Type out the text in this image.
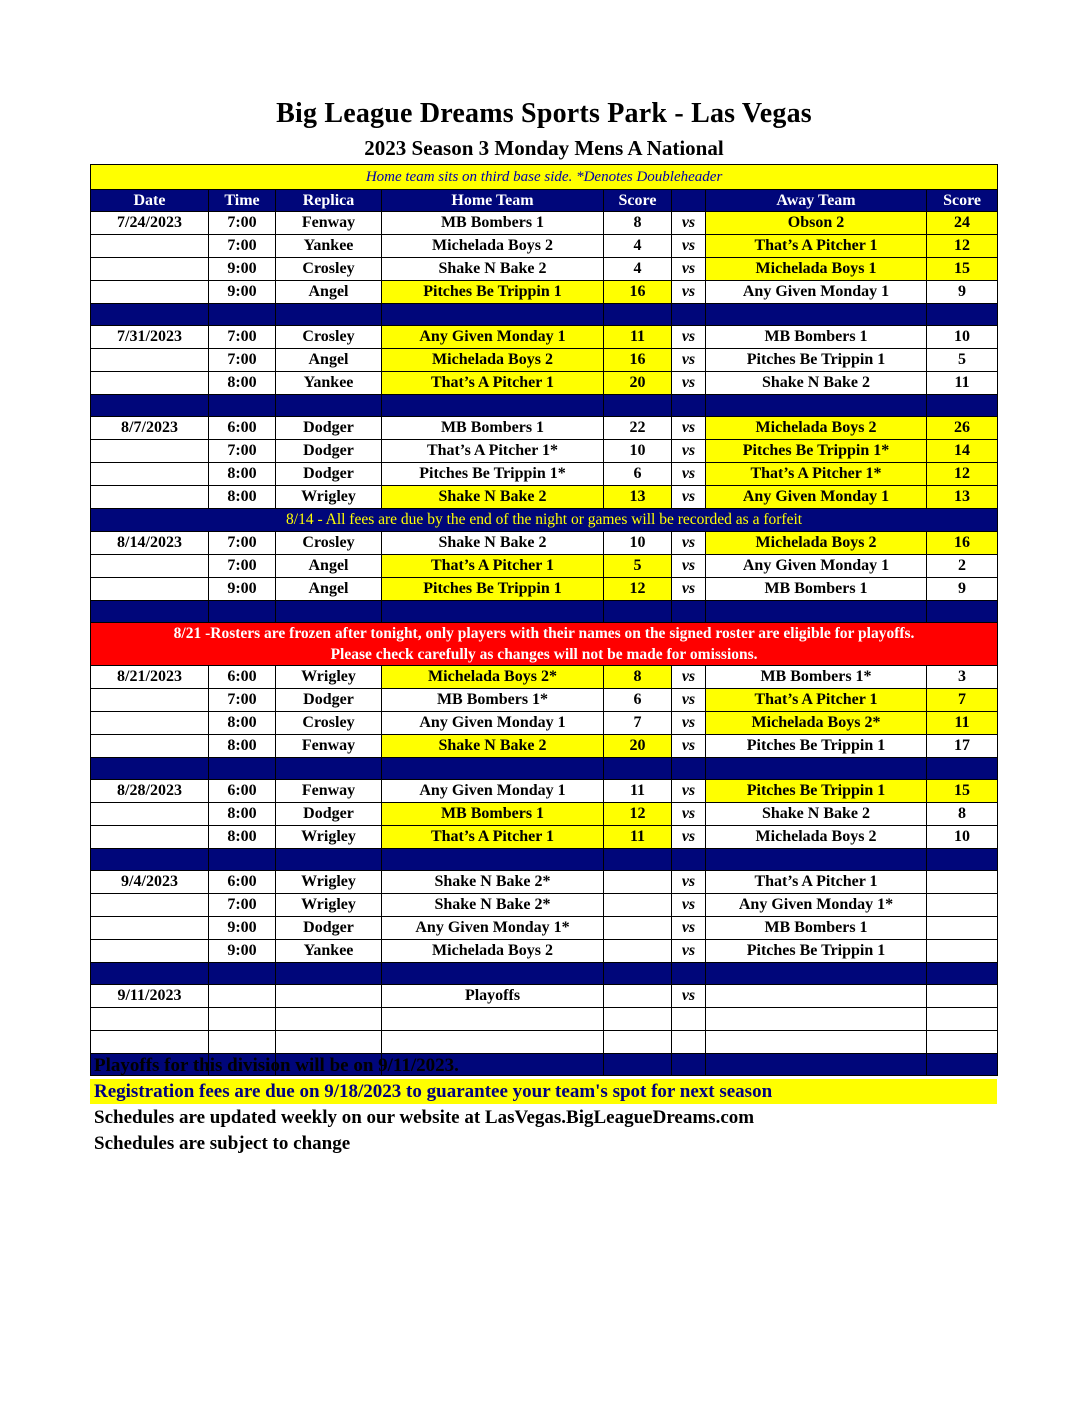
Big League Dreams Sports Park - Las Vegas
2023 Season 3 Monday Mens A National
Home team sits on third base side. *Denotes Doubleheader							
Date	Time	Replica	Home Team	Score		Away Team	Score
7/24/2023	7:00	Fenway	MB Bombers 1	8	vs	Obson 2	24
	7:00	Yankee	Michelada Boys 2	4	vs	That’s A Pitcher 1	12
	9:00	Crosley	Shake N Bake 2	4	vs	Michelada Boys 1	15
	9:00	Angel	Pitches Be Trippin 1	16	vs	Any Given Monday 1	9

7/31/2023	7:00	Crosley	Any Given Monday 1	11	vs	MB Bombers 1	10
	7:00	Angel	Michelada Boys 2	16	vs	Pitches Be Trippin 1	5
	8:00	Yankee	That’s A Pitcher 1	20	vs	Shake N Bake 2	11

8/7/2023	6:00	Dodger	MB Bombers 1	22	vs	Michelada Boys 2	26
	7:00	Dodger	That’s A Pitcher 1*	10	vs	Pitches Be Trippin 1*	14
	8:00	Dodger	Pitches Be Trippin 1*	6	vs	That’s A Pitcher 1*	12
	8:00	Wrigley	Shake N Bake 2	13	vs	Any Given Monday 1	13
8/14 - All fees are due by the end of the night or games will be recorded as a forfeit							
8/14/2023	7:00	Crosley	Shake N Bake 2	10	vs	Michelada Boys 2	16
	7:00	Angel	That’s A Pitcher 1	5	vs	Any Given Monday 1	2
	9:00	Angel	Pitches Be Trippin 1	12	vs	MB Bombers 1	9

8/21 -Rosters are frozen after tonight, only players with their names on the signed roster are eligible for playoffs.
Please check carefully as changes will not be made for omissions.							

8/21/2023	6:00	Wrigley	Michelada Boys 2*	8	vs	MB Bombers 1*	3
	7:00	Dodger	MB Bombers 1*	6	vs	That’s A Pitcher 1	7
	8:00	Crosley	Any Given Monday 1	7	vs	Michelada Boys 2*	11
	8:00	Fenway	Shake N Bake 2	20	vs	Pitches Be Trippin 1	17

8/28/2023	6:00	Fenway	Any Given Monday 1	11	vs	Pitches Be Trippin 1	15
	8:00	Dodger	MB Bombers 1	12	vs	Shake N Bake 2	8
	8:00	Wrigley	That’s A Pitcher 1	11	vs	Michelada Boys 2	10

9/4/2023	6:00	Wrigley	Shake N Bake 2*		vs	That’s A Pitcher 1	
	7:00	Wrigley	Shake N Bake 2*		vs	Any Given Monday 1*	
	9:00	Dodger	Any Given Monday 1*		vs	MB Bombers 1	
	9:00	Yankee	Michelada Boys 2		vs	Pitches Be Trippin 1	

9/11/2023			Playoffs		vs		

Playoffs for this division will be on 9/11/2023.
Registration fees are due on 9/18/2023 to guarantee your team's spot for next season
Schedules are updated weekly on our website at LasVegas.BigLeagueDreams.com
Schedules are subject to change
